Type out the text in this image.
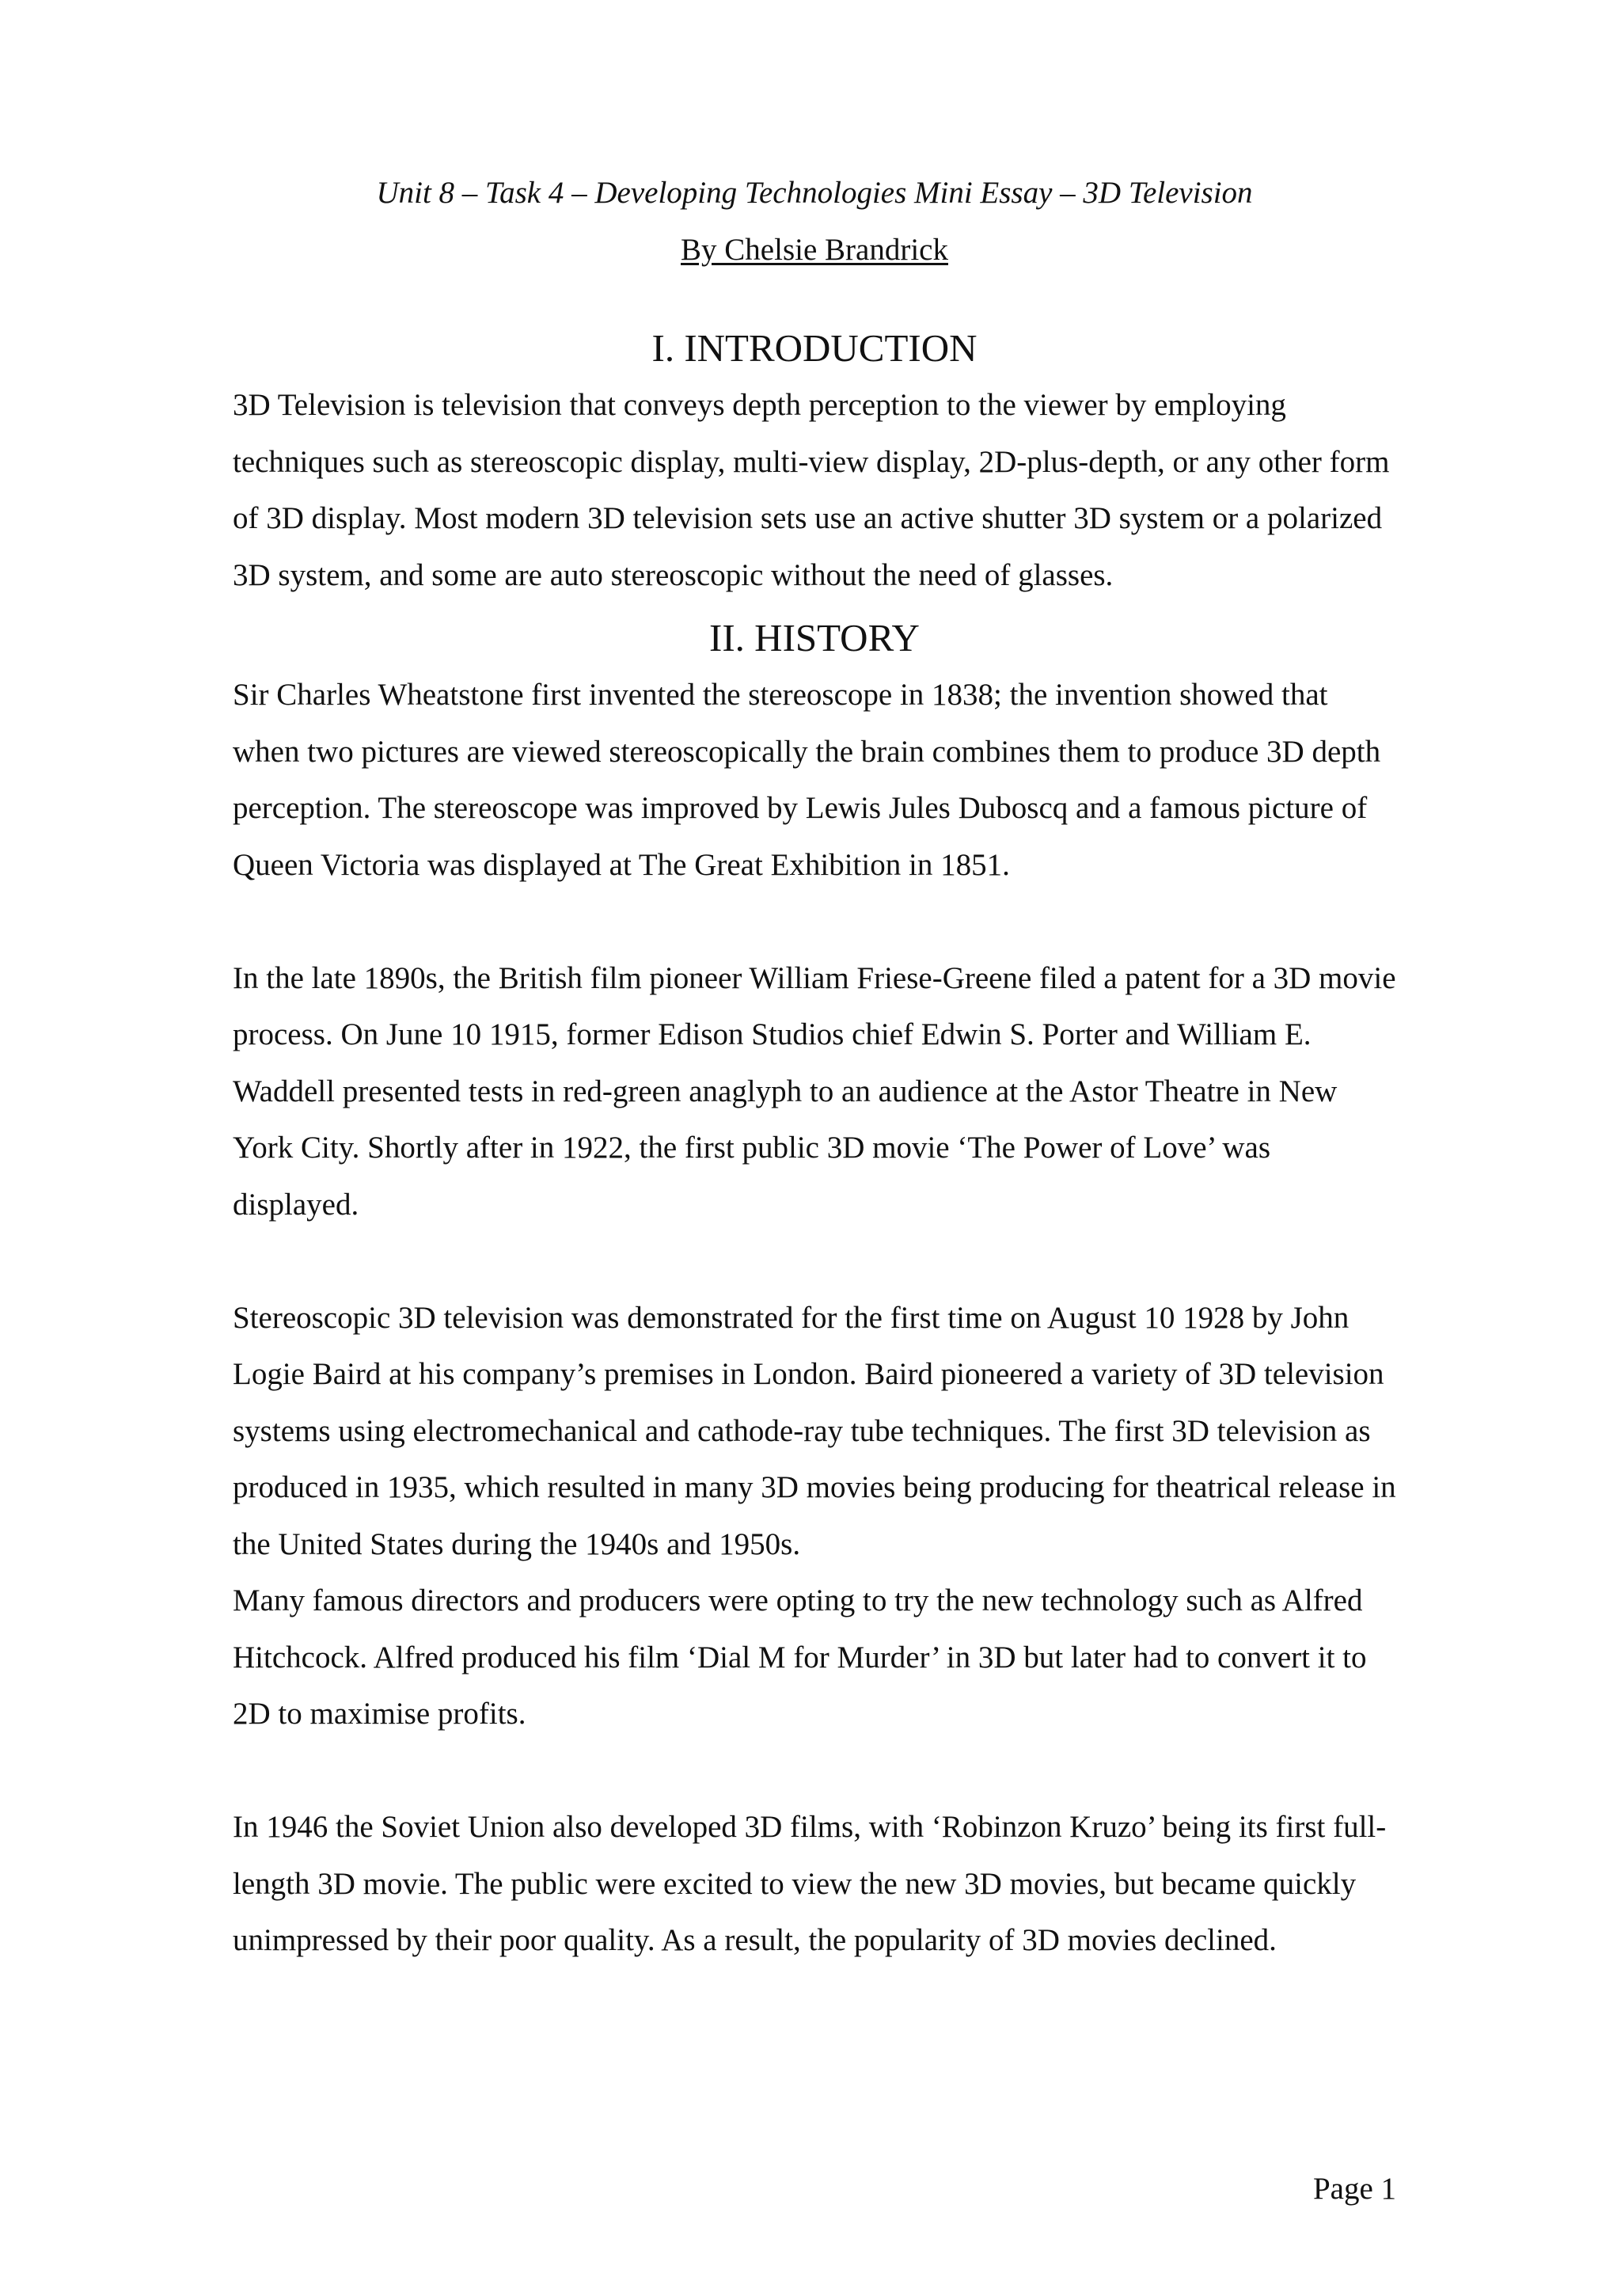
Unit 8 – Task 4 – Developing Technologies Mini Essay – 3D Television

By Chelsie Brandrick

I. INTRODUCTION

3D Television is television that conveys depth perception to the viewer by employing techniques such as stereoscopic display, multi-view display, 2D-plus-depth, or any other form of 3D display. Most modern 3D television sets use an active shutter 3D system or a polarized 3D system, and some are auto stereoscopic without the need of glasses.

II. HISTORY

Sir Charles Wheatstone first invented the stereoscope in 1838; the invention showed that when two pictures are viewed stereoscopically the brain combines them to produce 3D depth perception. The stereoscope was improved by Lewis Jules Duboscq and a famous picture of Queen Victoria was displayed at The Great Exhibition in 1851.

In the late 1890s, the British film pioneer William Friese-Greene filed a patent for a 3D movie process. On June 10 1915, former Edison Studios chief Edwin S. Porter and William E. Waddell presented tests in red-green anaglyph to an audience at the Astor Theatre in New York City. Shortly after in 1922, the first public 3D movie ‘The Power of Love’ was displayed.

Stereoscopic 3D television was demonstrated for the first time on August 10 1928 by John Logie Baird at his company’s premises in London. Baird pioneered a variety of 3D television systems using electromechanical and cathode-ray tube techniques. The first 3D television as produced in 1935, which resulted in many 3D movies being producing for theatrical release in the United States during the 1940s and 1950s.

Many famous directors and producers were opting to try the new technology such as Alfred Hitchcock. Alfred produced his film ‘Dial M for Murder’ in 3D but later had to convert it to 2D to maximise profits.

In 1946 the Soviet Union also developed 3D films, with ‘Robinzon Kruzo’ being its first full-length 3D movie. The public were excited to view the new 3D movies, but became quickly unimpressed by their poor quality. As a result, the popularity of 3D movies declined.

Page 1
